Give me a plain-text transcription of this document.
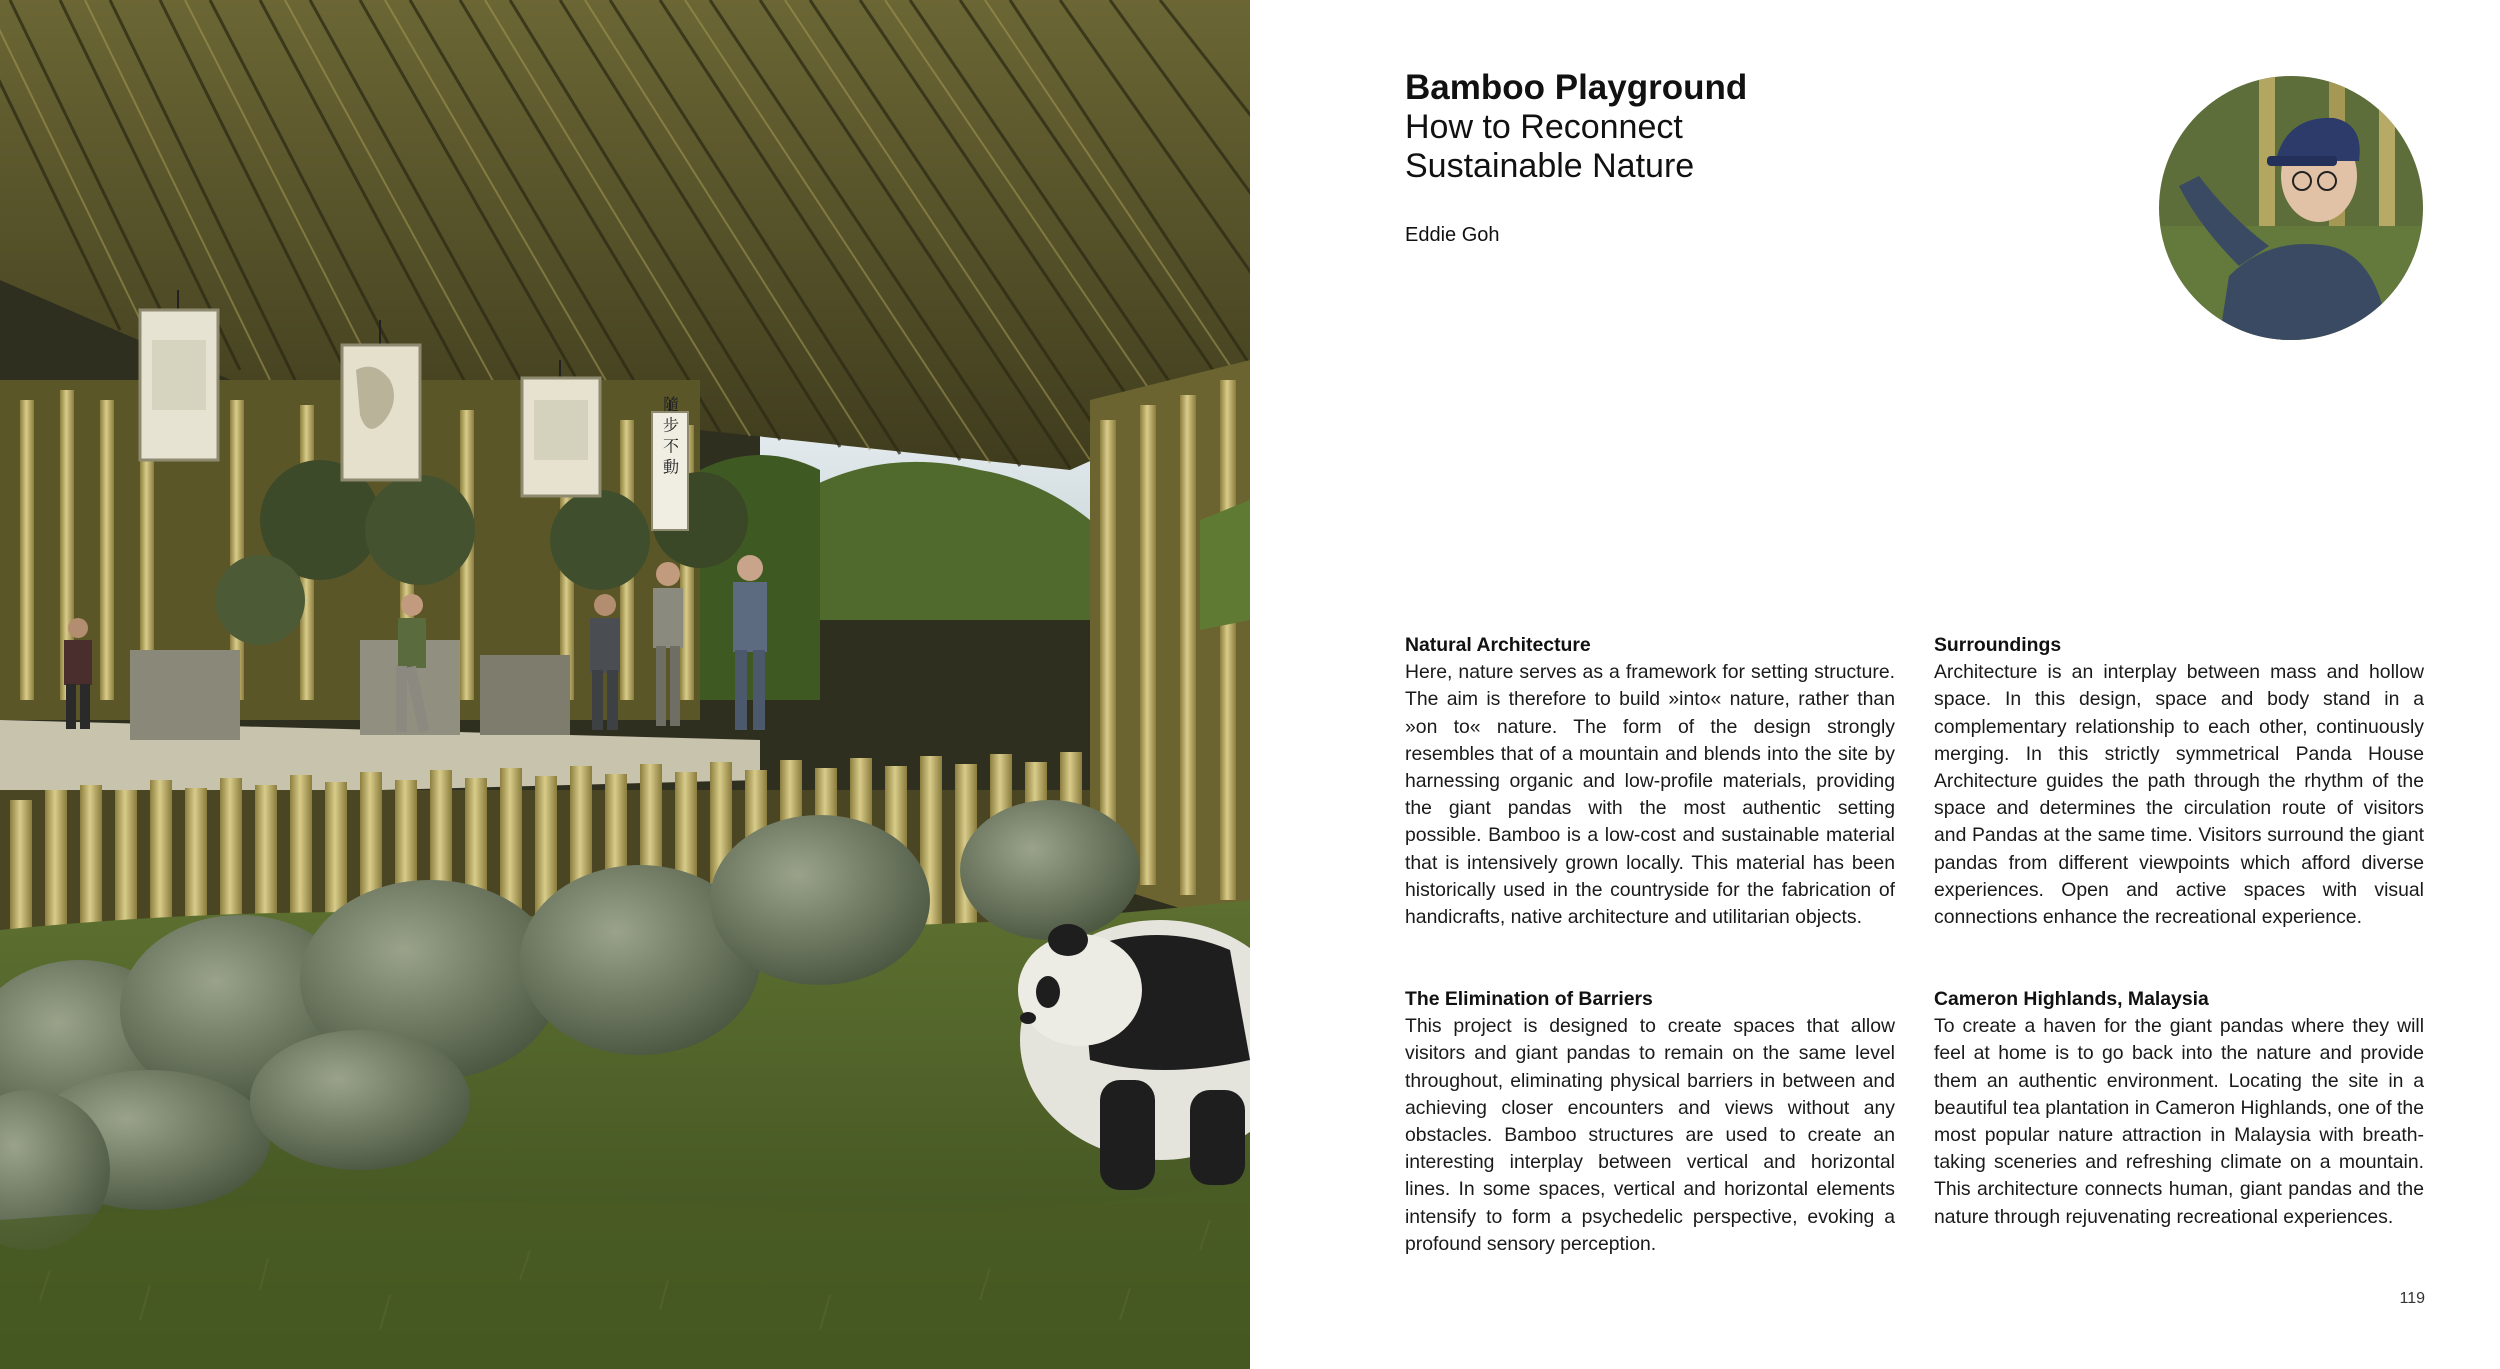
隨 步 不 動
Bamboo Playground
How to Reconnect Sustainable Nature
Eddie Goh
Natural Architecture

Here, nature serves as a framework for setting structure. The aim is therefore to build »into« nature, rather than »on to« nature. The form of the design strongly resembles that of a mountain and blends into the site by harnessing organic and low-profile materials, providing the giant pandas with the most authentic setting possible. Bamboo is a low-cost and sustainable material that is intensively grown locally. This material has been historically used in the countryside for the fabrication of handicrafts, native architecture and utilitarian objects.

The Elimination of Barriers

This project is designed to create spaces that allow visitors and giant pandas to remain on the same level throughout, eliminating physical barriers in between and achieving closer encounters and views without any obstacles. Bamboo structures are used to create an interesting interplay between vertical and horizontal lines. In some spaces, vertical and horizontal elements intensify to form a psychedelic perspective, evoking a profound sensory perception.

Surroundings

Architecture is an interplay between mass and hollow space. In this design, space and body stand in a complementary relationship to each other, continuously merging. In this strictly symmetrical Panda House Architecture guides the path through the rhythm of the space and determines the circulation route of visitors and Pandas at the same time. Visitors surround the giant pandas from different viewpoints which afford diverse experiences. Open and active spaces with visual connections enhance the recreational experience.

Cameron Highlands, Malaysia

To create a haven for the giant pandas where they will feel at home is to go back into the nature and provide them an authentic environment. Locating the site in a beautiful tea plantation in Cameron Highlands, one of the most popular nature attraction in Malaysia with breath-taking sceneries and refreshing climate on a mountain. This architecture connects human, giant pandas and the nature through rejuvenating recreational experiences.

119
